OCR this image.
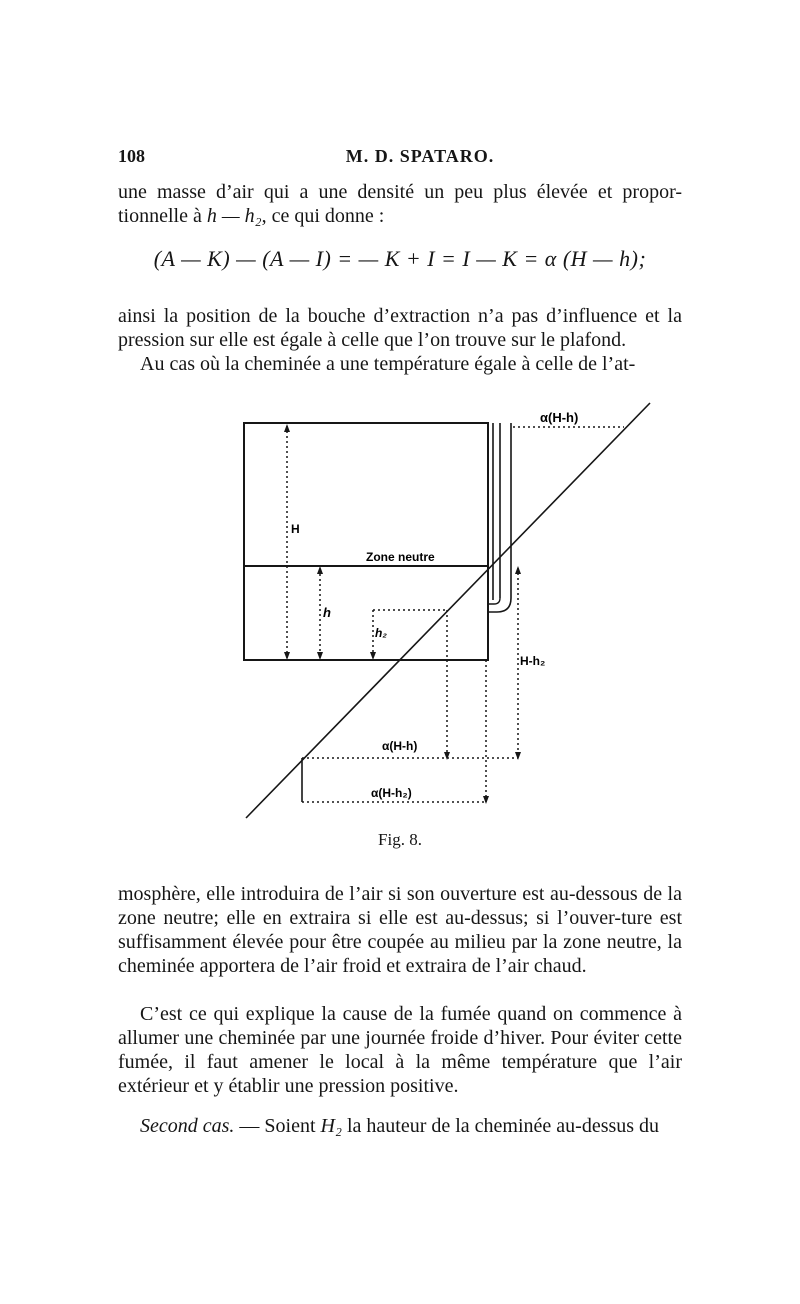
108	M. D. SPATARO.

une masse d’air qui a une densité un peu plus élevée et propor-tionnelle à h — h₂, ce qui donne :

(A — K) — (A — I) = — K + I = I — K = α (H — h);

ainsi la position de la bouche d’extraction n’a pas d’influence et la pression sur elle est égale à celle que l’on trouve sur le plafond.

Au cas où la cheminée a une température égale à celle de l’at-

α(H-h)
H
Zone neutre
h
h₂
H-h₂
α(H-h)
α(H-h₂)
Fig. 8.

mosphère, elle introduira de l’air si son ouverture est au-dessous de la zone neutre; elle en extraira si elle est au-dessus; si l’ouver-ture est suffisamment élevée pour être coupée au milieu par la zone neutre, la cheminée apportera de l’air froid et extraira de l’air chaud.

C’est ce qui explique la cause de la fumée quand on commence à allumer une cheminée par une journée froide d’hiver. Pour éviter cette fumée, il faut amener le local à la même température que l’air extérieur et y établir une pression positive.

Second cas. — Soient H₂ la hauteur de la cheminée au-dessus du
